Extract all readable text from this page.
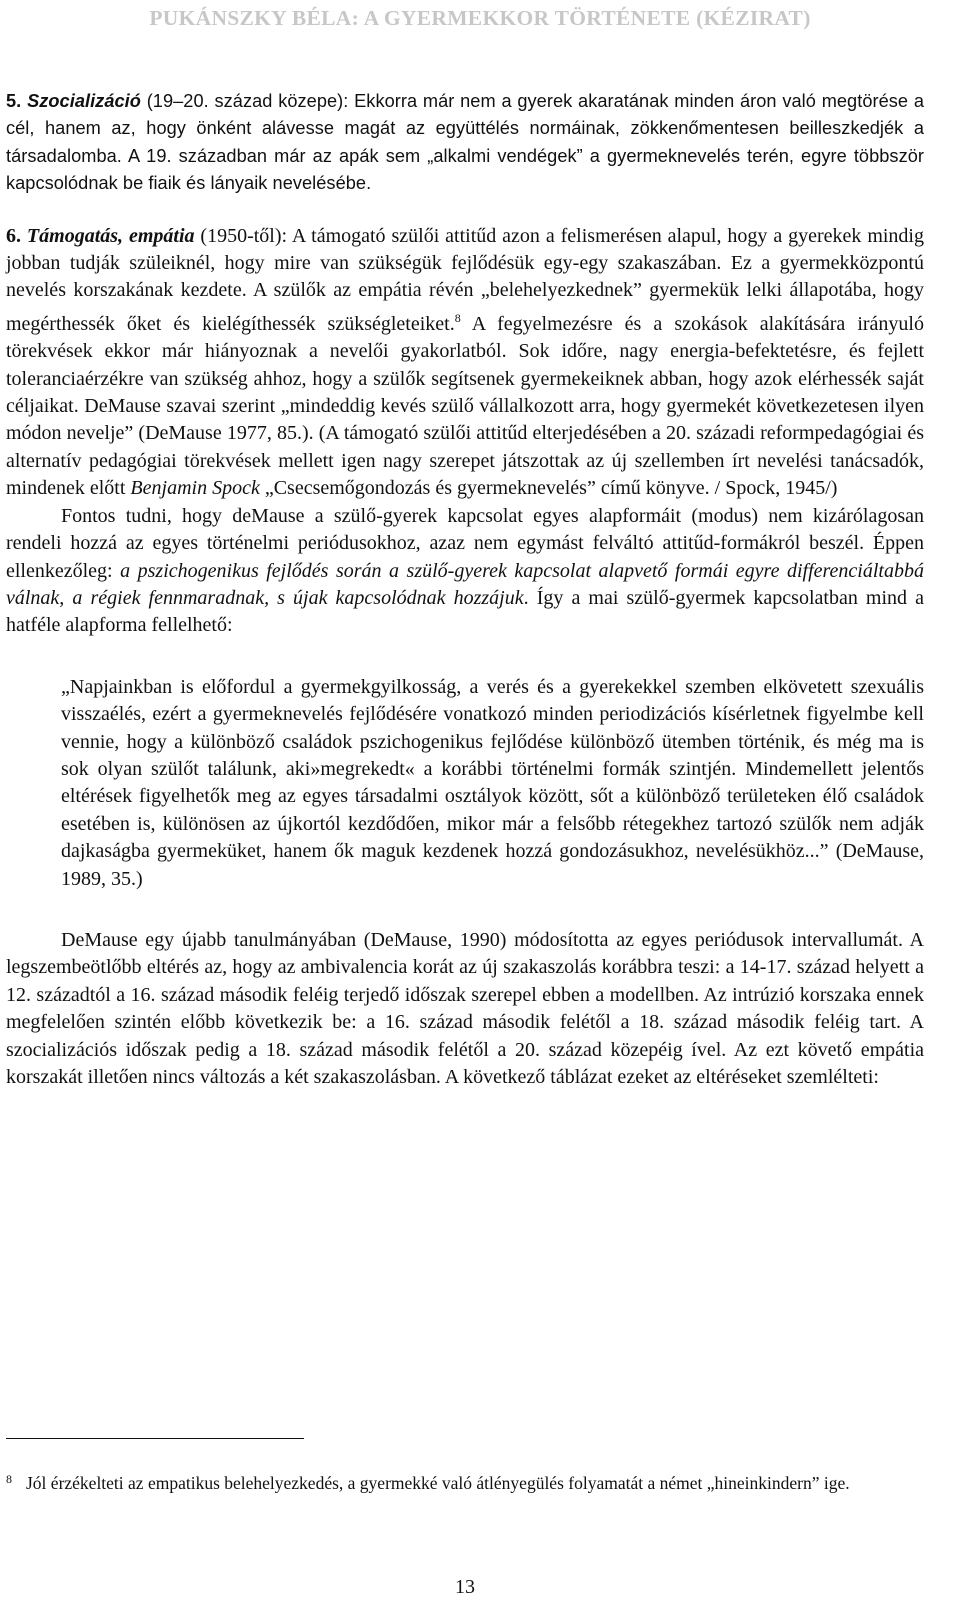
PUKÁNSZKY BÉLA: A GYERMEKKOR TÖRTÉNETE (KÉZIRAT)

5. Szocializáció (19–20. század közepe): Ekkorra már nem a gyerek akaratának minden áron való megtörése a cél, hanem az, hogy önként alávesse magát az együttélés normáinak, zökkenőmentesen beilleszkedjék a társadalomba. A 19. században már az apák sem „alkalmi vendégek” a gyermeknevelés terén, egyre többször kapcsolódnak be fiaik és lányaik nevelésébe.

6. Támogatás, empátia (1950-től): A támogató szülői attitűd azon a felismerésen alapul, hogy a gyerekek mindig jobban tudják szüleiknél, hogy mire van szükségük fejlődésük egy-egy szakaszában. Ez a gyermekközpontú nevelés korszakának kezdete. A szülők az empátia révén „belehelyezkednek” gyermekük lelki állapotába, hogy megérthessék őket és kielégíthessék szükségleteiket.$^8$ A fegyelmezésre és a szokások alakítására irányuló törekvések ekkor már hiányoznak a nevelői gyakorlatból. Sok időre, nagy energia-befektetésre, és fejlett toleranciaérzékre van szükség ahhoz, hogy a szülők segítsenek gyermekeiknek abban, hogy azok elérhessék saját céljaikat. DeMause szavai szerint „mindeddig kevés szülő vállalkozott arra, hogy gyermekét következetesen ilyen módon nevelje” (DeMause 1977, 85.). (A támogató szülői attitűd elterjedésében a 20. századi reformpedagógiai és alternatív pedagógiai törekvések mellett igen nagy szerepet játszottak az új szellemben írt nevelési tanácsadók, mindenek előtt Benjamin Spock „Csecsemőgondozás és gyermeknevelés” című könyve. / Spock, 1945/)

Fontos tudni, hogy deMause a szülő-gyerek kapcsolat egyes alapformáit (modus) nem kizárólagosan rendeli hozzá az egyes történelmi periódusokhoz, azaz nem egymást felváltó attitűd-formákról beszél. Éppen ellenkezőleg: a pszichogenikus fejlődés során a szülő-gyerek kapcsolat alapvető formái egyre differenciáltabbá válnak, a régiek fennmaradnak, s újak kapcsolódnak hozzájuk. Így a mai szülő-gyermek kapcsolatban mind a hatféle alapforma fellelhető:

„Napjainkban is előfordul a gyermekgyilkosság, a verés és a gyerekekkel szemben elkövetett szexuális visszaélés, ezért a gyermeknevelés fejlődésére vonatkozó minden periodizációs kísérletnek figyelmbe kell vennie, hogy a különböző családok pszichogenikus fejlődése különböző ütemben történik, és még ma is sok olyan szülőt találunk, aki»megrekedt« a korábbi történelmi formák szintjén. Mindemellett jelentős eltérések figyelhetők meg az egyes társadalmi osztályok között, sőt a különböző területeken élő családok esetében is, különösen az újkortól kezdődően, mikor már a felsőbb rétegekhez tartozó szülők nem adják dajkaságba gyermeküket, hanem ők maguk kezdenek hozzá gondozásukhoz, nevelésükhöz...” (DeMause, 1989, 35.)

DeMause egy újabb tanulmányában (DeMause, 1990) módosította az egyes periódusok intervallumát. A legszembeötlőbb eltérés az, hogy az ambivalencia korát az új szakaszolás korábbra teszi: a 14-17. század helyett a 12. századtól a 16. század második feléig terjedő időszak szerepel ebben a modellben. Az intrúzió korszaka ennek megfelelően szintén előbb következik be: a 16. század második felétől a 18. század második feléig tart. A szocializációs időszak pedig a 18. század második felétől a 20. század közepéig ível. Az ezt követő empátia korszakát illetően nincs változás a két szakaszolásban. A következő táblázat ezeket az eltéréseket szemlélteti:

$^8$ Jól érzékelteti az empatikus belehelyezkedés, a gyermekké való átlényegülés folyamatát a német „hineinkindern” ige.

13
